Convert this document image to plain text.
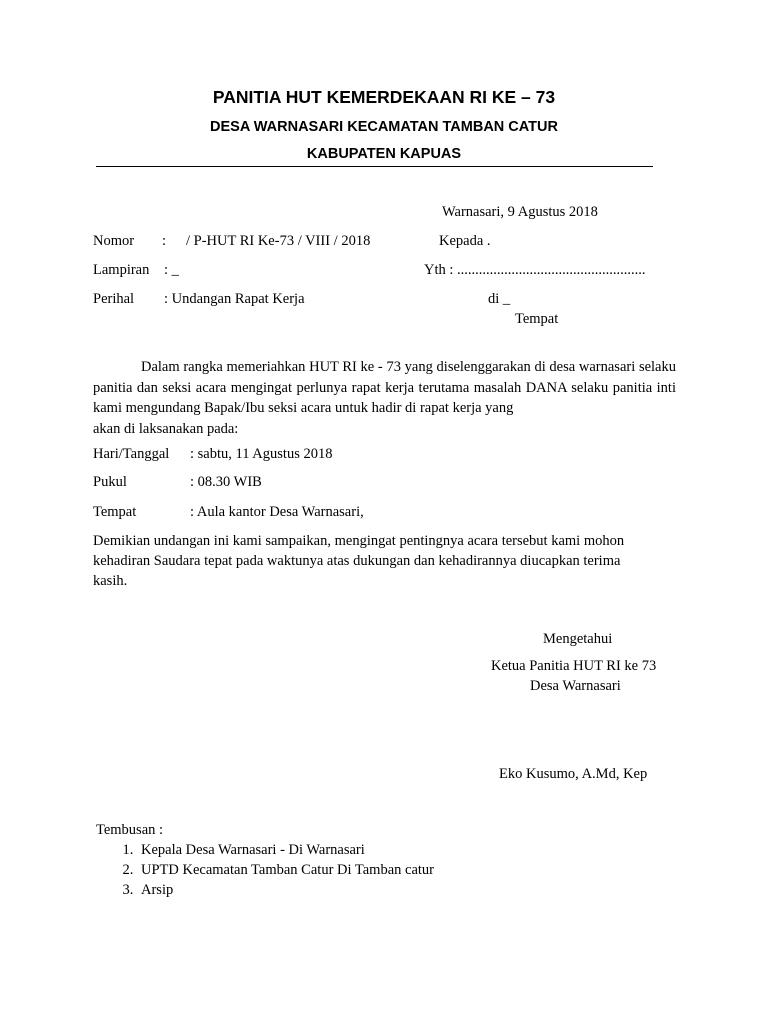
PANITIA HUT KEMERDEKAAN RI KE – 73
DESA WARNASARI KECAMATAN TAMBAN CATUR
KABUPATEN KAPUAS
Warnasari, 9 Agustus 2018
Nomor : / P-HUT RI Ke-73 / VIII / 2018	Kepada .
Lampiran : _	Yth : ....................................................
Perihal : Undangan Rapat Kerja	di _
Tempat
Dalam rangka memeriahkan HUT RI ke - 73 yang diselenggarakan di desa warnasari selaku panitia dan seksi acara mengingat perlunya rapat kerja terutama masalah DANA selaku panitia inti kami mengundang Bapak/Ibu seksi acara untuk hadir di rapat kerja yang
akan di laksanakan pada:
Hari/Tanggal : sabtu, 11 Agustus 2018
Pukul	: 08.30 WIB
Tempat	: Aula kantor Desa Warnasari,
Demikian undangan ini kami sampaikan, mengingat pentingnya acara tersebut kami mohon
kehadiran Saudara tepat pada waktunya atas dukungan dan kehadirannya diucapkan terima
kasih.
Mengetahui
Ketua Panitia HUT RI ke 73
Desa Warnasari
Eko Kusumo, A.Md, Kep
Tembusan :
1. Kepala Desa Warnasari - Di Warnasari
2. UPTD Kecamatan Tamban Catur Di Tamban catur
3. Arsip
